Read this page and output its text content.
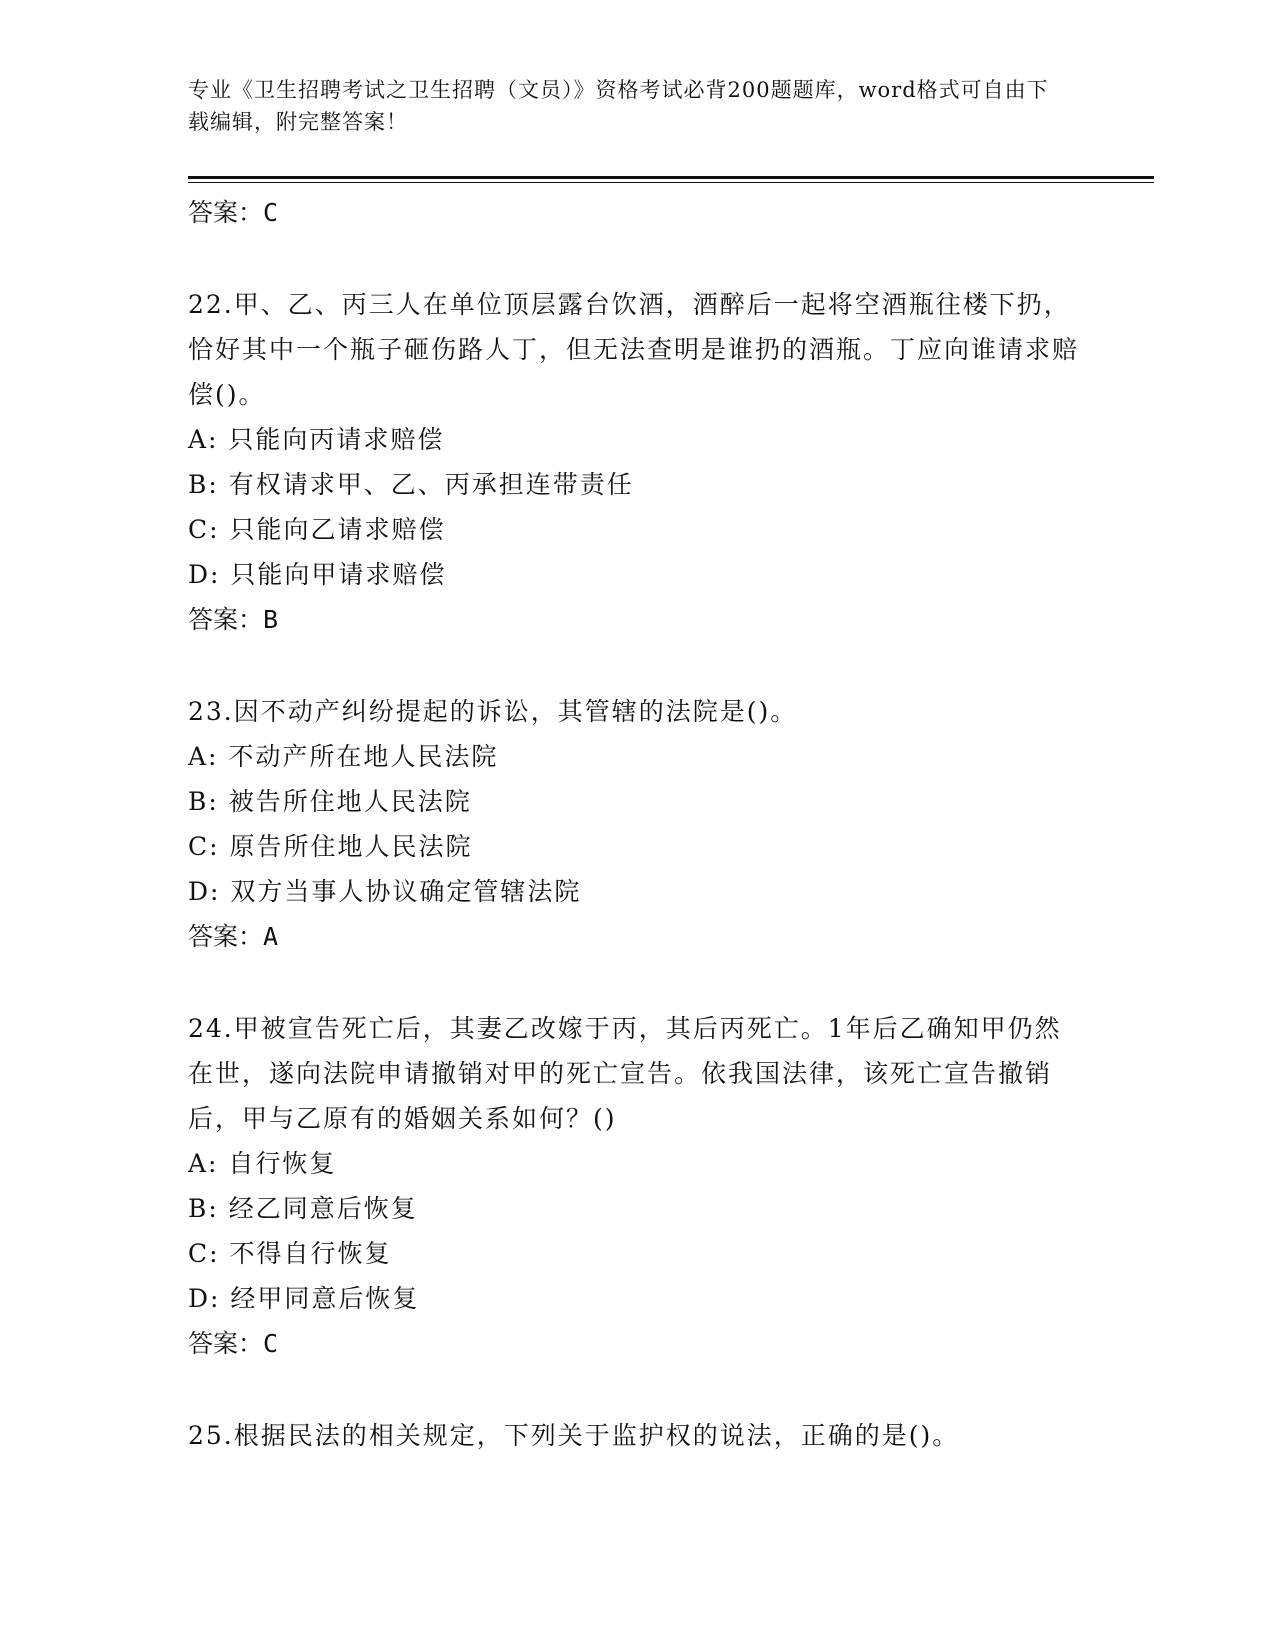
专业《卫生招聘考试之卫生招聘（文员）》资格考试必背200题题库，word格式可自由下载编辑，附完整答案！

答案：C

22.甲、乙、丙三人在单位顶层露台饮酒，酒醉后一起将空酒瓶往楼下扔，恰好其中一个瓶子砸伤路人丁，但无法查明是谁扔的酒瓶。丁应向谁请求赔偿()。

A: 只能向丙请求赔偿

B: 有权请求甲、乙、丙承担连带责任

C: 只能向乙请求赔偿

D: 只能向甲请求赔偿

答案：B

23.因不动产纠纷提起的诉讼，其管辖的法院是()。

A: 不动产所在地人民法院

B: 被告所住地人民法院

C: 原告所住地人民法院

D: 双方当事人协议确定管辖法院

答案：A

24.甲被宣告死亡后，其妻乙改嫁于丙，其后丙死亡。1年后乙确知甲仍然在世，遂向法院申请撤销对甲的死亡宣告。依我国法律，该死亡宣告撤销后，甲与乙原有的婚姻关系如何？()

A: 自行恢复

B: 经乙同意后恢复

C: 不得自行恢复

D: 经甲同意后恢复

答案：C

25.根据民法的相关规定，下列关于监护权的说法，正确的是()。
